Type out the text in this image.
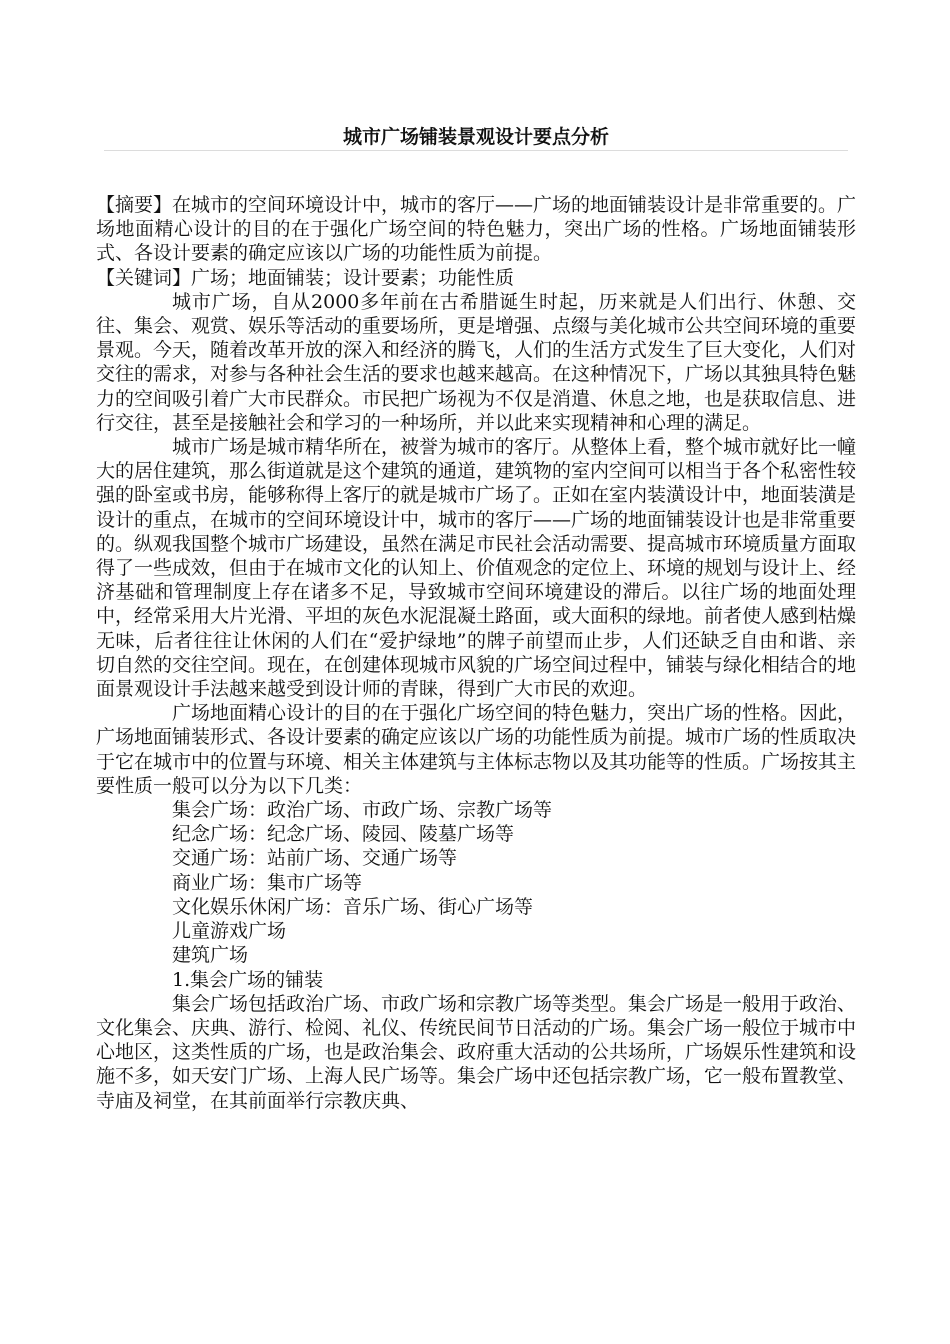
城市广场铺装景观设计要点分析

【摘要】在城市的空间环境设计中，城市的客厅——广场的地面铺装设计是非常重要的。广场地面精心设计的目的在于强化广场空间的特色魅力，突出广场的性格。广场地面铺装形式、各设计要素的确定应该以广场的功能性质为前提。

【关键词】广场；地面铺装；设计要素；功能性质

城市广场，自从2000多年前在古希腊诞生时起，历来就是人们出行、休憩、交往、集会、观赏、娱乐等活动的重要场所，更是增强、点缀与美化城市公共空间环境的重要景观。今天，随着改革开放的深入和经济的腾飞，人们的生活方式发生了巨大变化，人们对交往的需求，对参与各种社会生活的要求也越来越高。在这种情况下，广场以其独具特色魅力的空间吸引着广大市民群众。市民把广场视为不仅是消遣、休息之地，也是获取信息、进行交往，甚至是接触社会和学习的一种场所，并以此来实现精神和心理的满足。

城市广场是城市精华所在，被誉为城市的客厅。从整体上看，整个城市就好比一幢大的居住建筑，那么街道就是这个建筑的通道，建筑物的室内空间可以相当于各个私密性较强的卧室或书房，能够称得上客厅的就是城市广场了。正如在室内装潢设计中，地面装潢是设计的重点，在城市的空间环境设计中，城市的客厅——广场的地面铺装设计也是非常重要的。纵观我国整个城市广场建设，虽然在满足市民社会活动需要、提高城市环境质量方面取得了一些成效，但由于在城市文化的认知上、价值观念的定位上、环境的规划与设计上、经济基础和管理制度上存在诸多不足，导致城市空间环境建设的滞后。以往广场的地面处理中，经常采用大片光滑、平坦的灰色水泥混凝土路面，或大面积的绿地。前者使人感到枯燥无味，后者往往让休闲的人们在“爱护绿地”的牌子前望而止步，人们还缺乏自由和谐、亲切自然的交往空间。现在，在创建体现城市风貌的广场空间过程中，铺装与绿化相结合的地面景观设计手法越来越受到设计师的青睐，得到广大市民的欢迎。

广场地面精心设计的目的在于强化广场空间的特色魅力，突出广场的性格。因此，广场地面铺装形式、各设计要素的确定应该以广场的功能性质为前提。城市广场的性质取决于它在城市中的位置与环境、相关主体建筑与主体标志物以及其功能等的性质。广场按其主要性质一般可以分为以下几类：

集会广场：政治广场、市政广场、宗教广场等

纪念广场：纪念广场、陵园、陵墓广场等

交通广场：站前广场、交通广场等

商业广场：集市广场等

文化娱乐休闲广场：音乐广场、街心广场等

儿童游戏广场

建筑广场

1.集会广场的铺装

集会广场包括政治广场、市政广场和宗教广场等类型。集会广场是一般用于政治、文化集会、庆典、游行、检阅、礼仪、传统民间节日活动的广场。集会广场一般位于城市中心地区，这类性质的广场，也是政治集会、政府重大活动的公共场所，广场娱乐性建筑和设施不多，如天安门广场、上海人民广场等。集会广场中还包括宗教广场，它一般布置教堂、寺庙及祠堂，在其前面举行宗教庆典、
